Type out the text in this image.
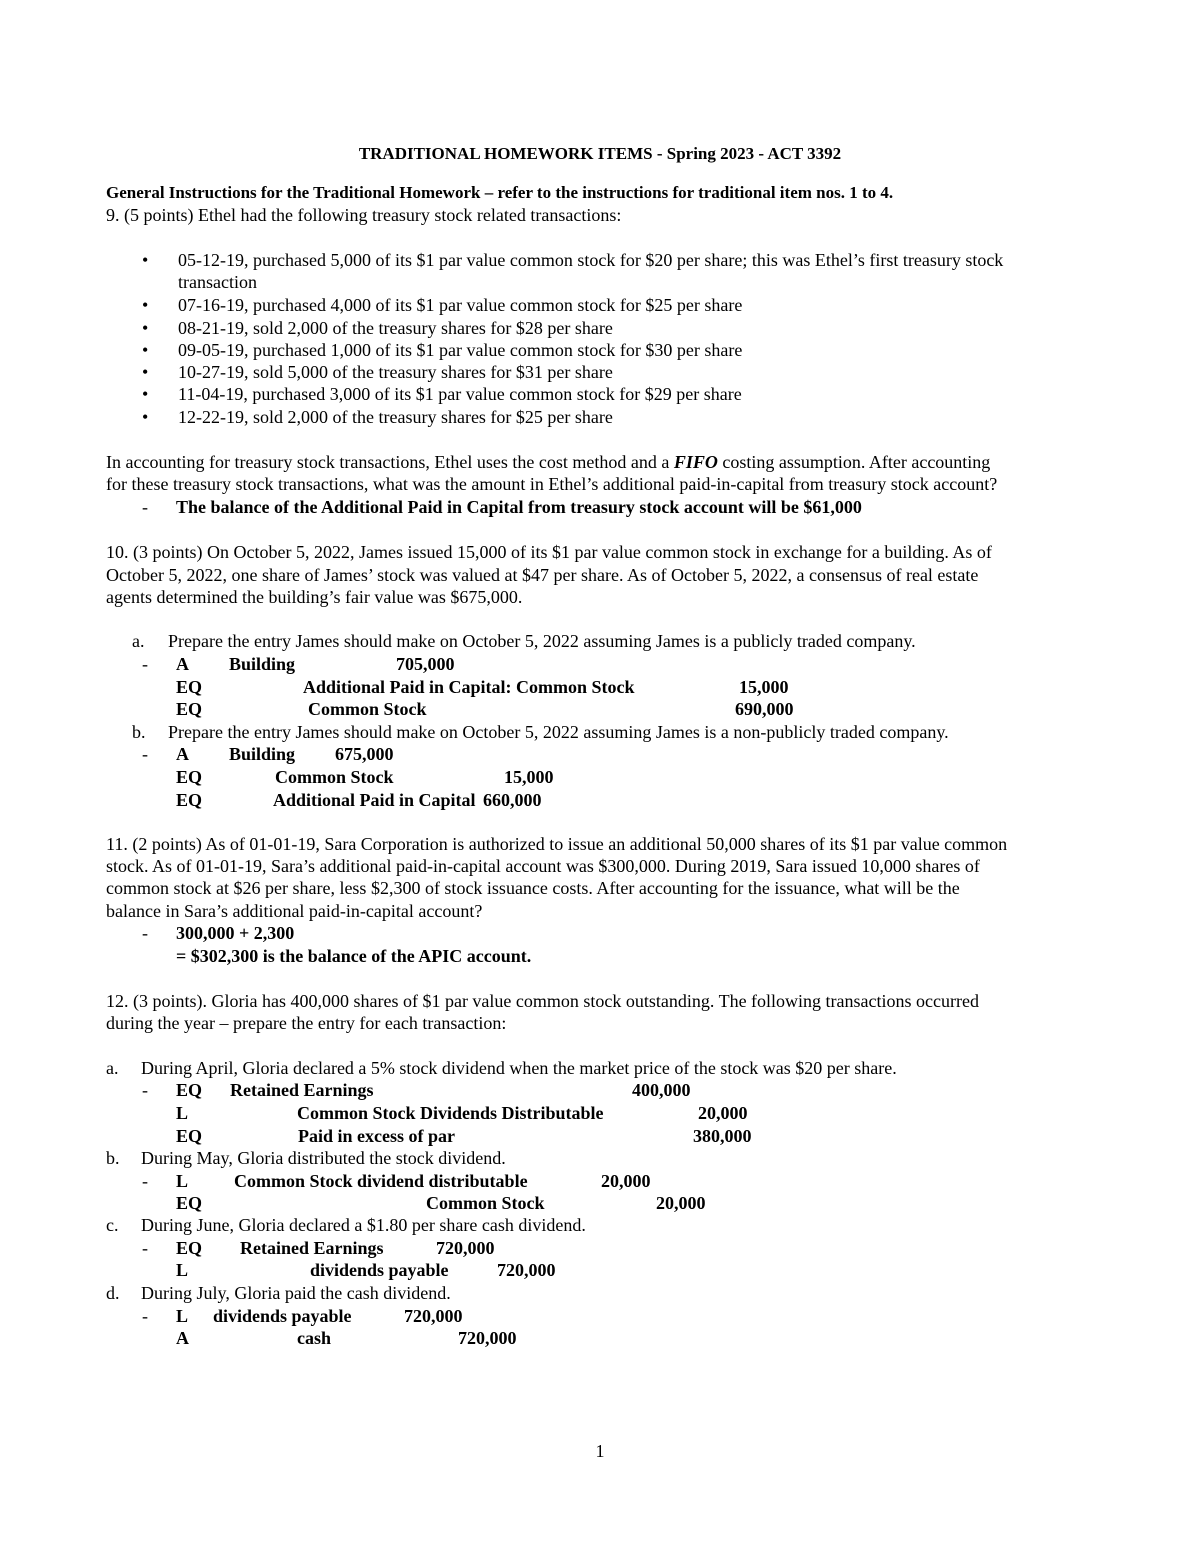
TRADITIONAL HOMEWORK ITEMS - Spring 2023 - ACT 3392
General Instructions for the Traditional Homework – refer to the instructions for traditional item nos. 1 to 4.
9. (5 points) Ethel had the following treasury stock related transactions:
• 05-12-19, purchased 5,000 of its $1 par value common stock for $20 per share; this was Ethel’s first treasury stock
transaction
• 07-16-19, purchased 4,000 of its $1 par value common stock for $25 per share
• 08-21-19, sold 2,000 of the treasury shares for $28 per share
• 09-05-19, purchased 1,000 of its $1 par value common stock for $30 per share
• 10-27-19, sold 5,000 of the treasury shares for $31 per share
• 11-04-19, purchased 3,000 of its $1 par value common stock for $29 per share
• 12-22-19, sold 2,000 of the treasury shares for $25 per share
In accounting for treasury stock transactions, Ethel uses the cost method and a FIFO costing assumption. After accounting
for these treasury stock transactions, what was the amount in Ethel’s additional paid-in-capital from treasury stock account?
- The balance of the Additional Paid in Capital from treasury stock account will be $61,000
10. (3 points) On October 5, 2022, James issued 15,000 of its $1 par value common stock in exchange for a building. As of
October 5, 2022, one share of James’ stock was valued at $47 per share. As of October 5, 2022, a consensus of real estate
agents determined the building’s fair value was $675,000.
a. Prepare the entry James should make on October 5, 2022 assuming James is a publicly traded company.
- A Building	705,000
EQ	Additional Paid in Capital: Common Stock	15,000
EQ	Common Stock	690,000
b. Prepare the entry James should make on October 5, 2022 assuming James is a non-publicly traded company.
- A Building 675,000
EQ	Common Stock	15,000
EQ	Additional Paid in Capital 660,000
11. (2 points) As of 01-01-19, Sara Corporation is authorized to issue an additional 50,000 shares of its $1 par value common
stock. As of 01-01-19, Sara’s additional paid-in-capital account was $300,000. During 2019, Sara issued 10,000 shares of
common stock at $26 per share, less $2,300 of stock issuance costs. After accounting for the issuance, what will be the
balance in Sara’s additional paid-in-capital account?
- 300,000 + 2,300
= $302,300 is the balance of the APIC account.
12. (3 points). Gloria has 400,000 shares of $1 par value common stock outstanding. The following transactions occurred
during the year – prepare the entry for each transaction:
a. During April, Gloria declared a 5% stock dividend when the market price of the stock was $20 per share.
- EQ Retained Earnings	400,000
L	Common Stock Dividends Distributable	20,000
EQ	Paid in excess of par	380,000
b. During May, Gloria distributed the stock dividend.
- L	Common Stock dividend distributable	20,000
EQ	Common Stock	20,000
c. During June, Gloria declared a $1.80 per share cash dividend.
- EQ Retained Earnings	720,000
L	dividends payable	720,000
d. During July, Gloria paid the cash dividend.
- L dividends payable	720,000
A	cash	720,000
1
